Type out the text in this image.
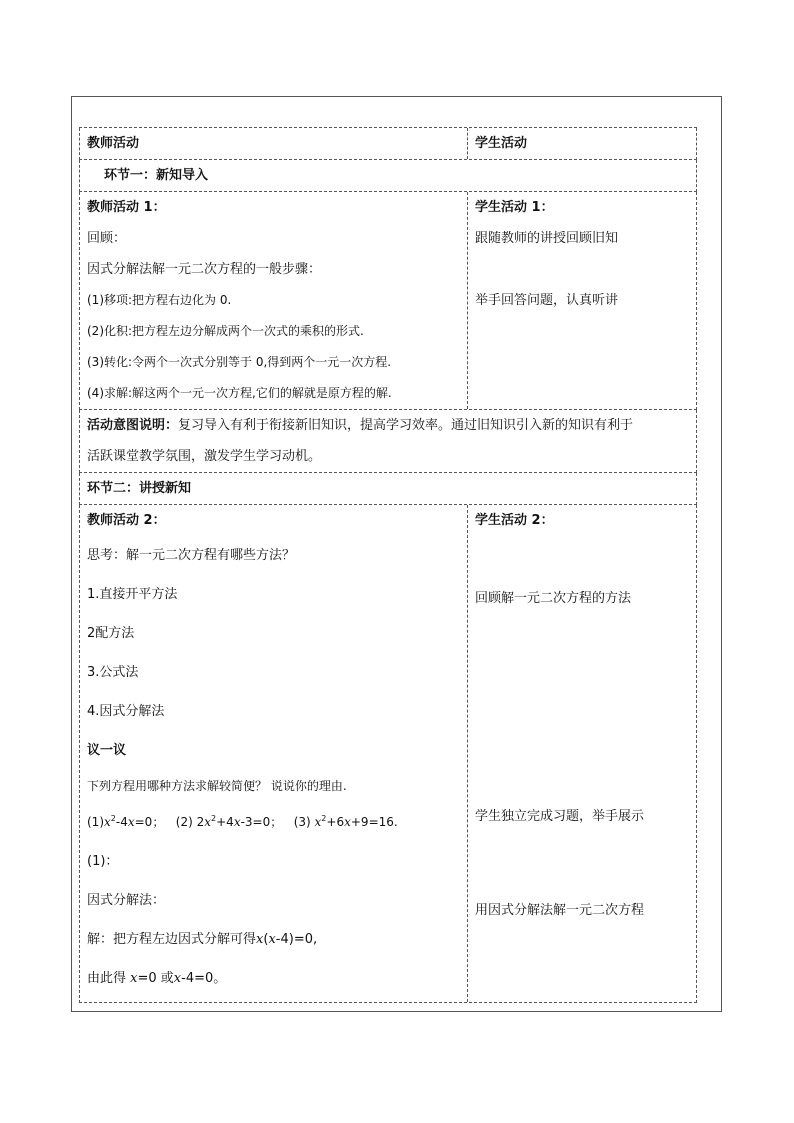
教师活动	学生活动
环节一：新知导入
教师活动 1：
回顾：
因式分解法解一元二次方程的一般步骤：
(1)移项:把方程右边化为 0.
(2)化积:把方程左边分解成两个一次式的乘积的形式.
(3)转化:令两个一次式分别等于 0,得到两个一元一次方程.
(4)求解:解这两个一元一次方程,它们的解就是原方程的解.
学生活动 1：
跟随教师的讲授回顾旧知
举手回答问题，认真听讲
活动意图说明：复习导入有利于衔接新旧知识，提高学习效率。通过旧知识引入新的知识有利于
活跃课堂教学氛围，激发学生学习动机。
环节二：讲授新知
教师活动 2：
思考：解一元二次方程有哪些方法？
1.直接开平方法
2配方法
3.公式法
4.因式分解法
议一议
下列方程用哪种方法求解较简便？ 说说你的理由.
$(1)x^2-4x=0$； (2) $2x^2+4x-3=0$； (3) $x^2+6x+9=16$.
(1)：
因式分解法：
解：把方程左边因式分解可得x(x-4)=0,
由此得 x=0 或x-4=0。
学生活动 2：
回顾解一元二次方程的方法
学生独立完成习题，举手展示
用因式分解法解一元二次方程
